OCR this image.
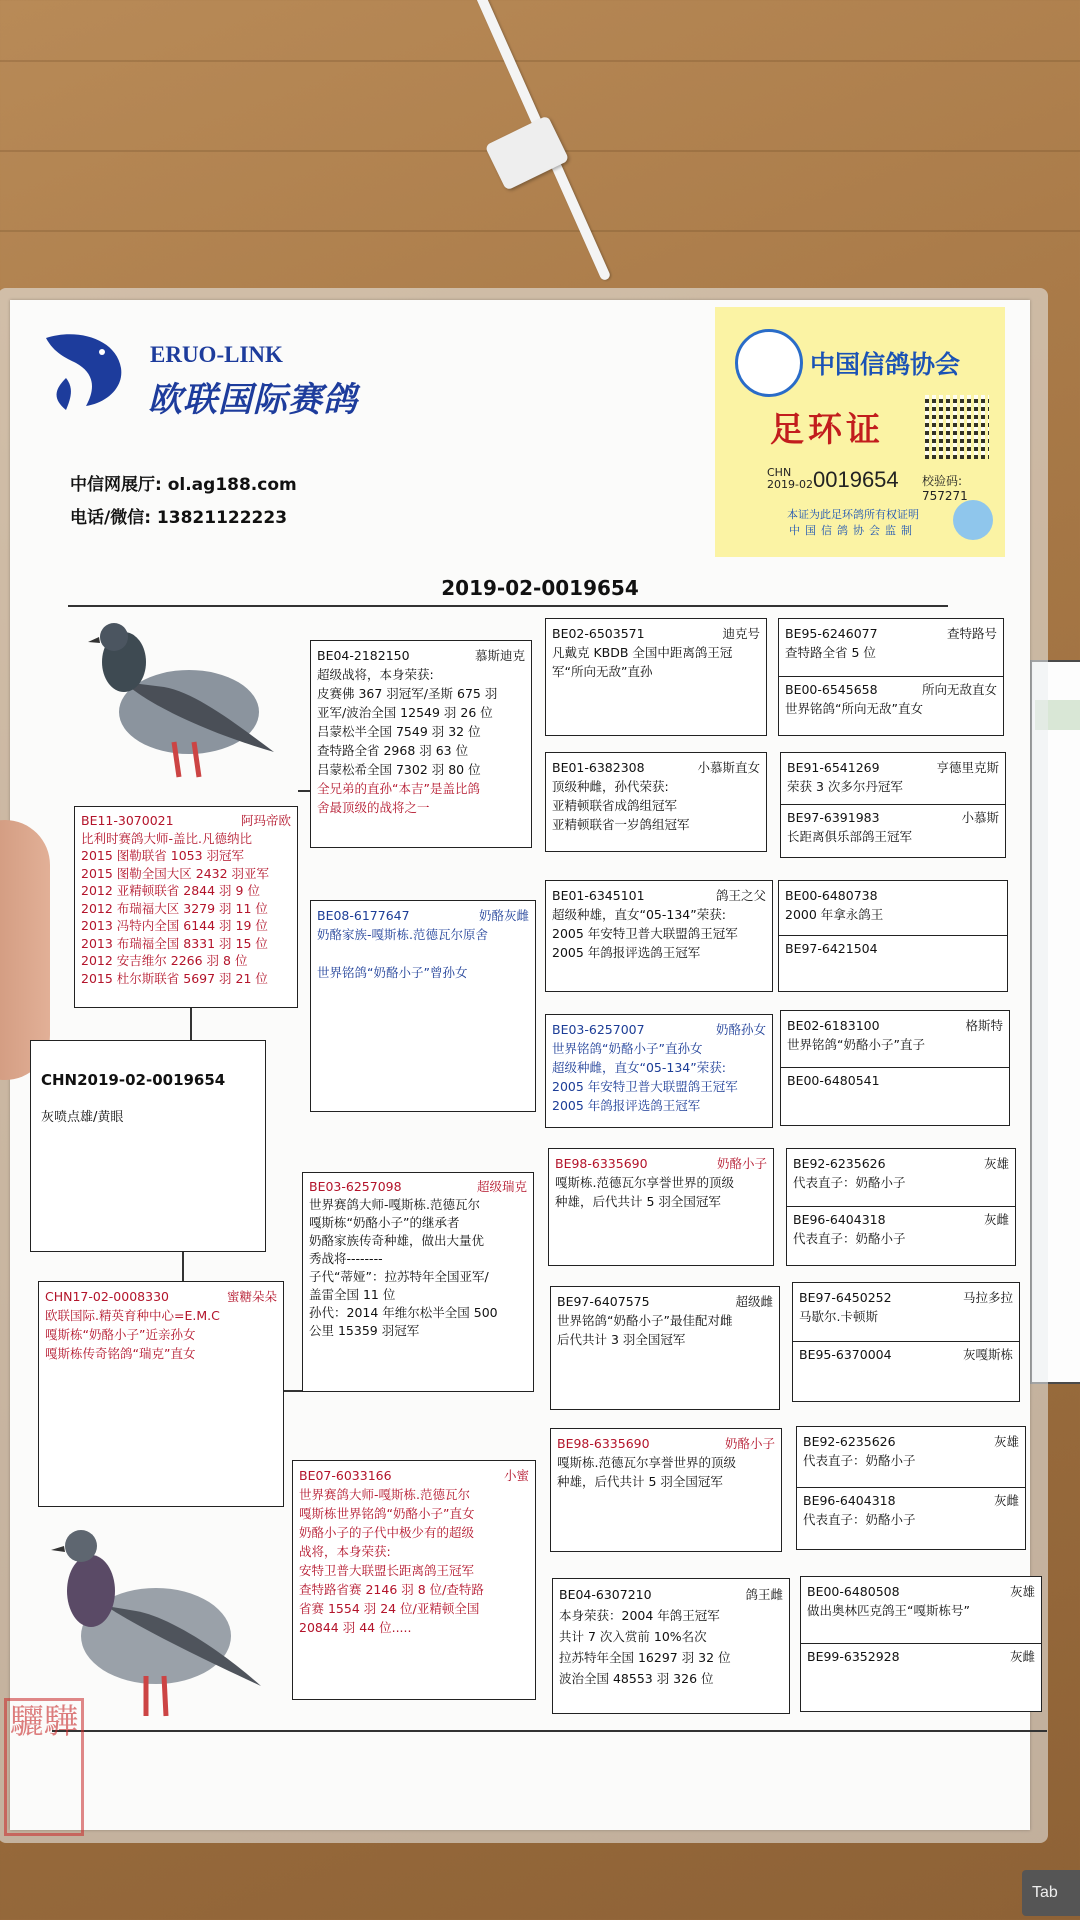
Tab
ERUO-LINK
欧联国际赛鸽
中信网展厅: ol.ag188.com
电话/微信: 13821122223
中国信鸽协会
足环证
CHN
2019-02 0019654 校验码: 757271
本证为此足环鸽所有权证明
中国信鸽协会监制
2019-02-0019654
驪驊
CHN2019-02-0019654
灰喷点雄/黄眼
BE11-3070021	阿玛帝欧
比利时赛鸽大师-盖比.凡德纳比
2015 图勒联省 1053 羽冠军
2015 图勒全国大区 2432 羽亚军
2012 亚精顿联省 2844 羽 9 位
2012 布瑞福大区 3279 羽 11 位
2013 冯特内全国 6144 羽 19 位
2013 布瑞福全国 8331 羽 15 位
2012 安吉维尔 2266 羽 8 位
2015 杜尔斯联省 5697 羽 21 位
CHN17-02-0008330	蜜糖朵朵
欧联国际.精英育种中心=E.M.C
嘎斯栋“奶酪小子”近亲孙女
嘎斯栋传奇铭鸽“瑞克”直女
BE04-2182150	慕斯迪克
超级战将，本身荣获:
皮赛佛 367 羽冠军/圣斯 675 羽
亚军/波治全国 12549 羽 26 位
吕蒙松半全国 7549 羽 32 位
查特路全省 2968 羽 63 位
吕蒙松希全国 7302 羽 80 位
全兄弟的直孙“本吉”是盖比鸽
舍最顶级的战将之一
BE08-6177647	奶酪灰雌
奶酪家族-嘎斯栋.范德瓦尔原舍

世界铭鸽“奶酪小子”曾孙女
BE03-6257098	超级瑞克
世界赛鸽大师-嘎斯栋.范德瓦尔
嘎斯栋“奶酪小子”的继承者
奶酪家族传奇种雄，做出大量优
秀战将--------
子代“蒂娅”：拉苏特年全国亚军/
盖雷全国 11 位
孙代：2014 年维尔松半全国 500
公里 15359 羽冠军
BE07-6033166	小蜜
世界赛鸽大师-嘎斯栋.范德瓦尔
嘎斯栋世界铭鸽“奶酪小子”直女
奶酪小子的子代中极少有的超级
战将，本身荣获:
安特卫普大联盟长距离鸽王冠军
查特路省赛 2146 羽 8 位/查特路
省赛 1554 羽 24 位/亚精顿全国
20844 羽 44 位.....
BE02-6503571	迪克号
凡戴克 KBDB 全国中距离鸽王冠
军“所向无敌”直孙
BE01-6382308	小慕斯直女
顶级种雌，孙代荣获:
亚精顿联省成鸽组冠军
亚精顿联省一岁鸽组冠军
BE01-6345101	鸽王之父
超级种雄，直女“05-134”荣获:
2005 年安特卫普大联盟鸽王冠军
2005 年鸽报评选鸽王冠军
BE03-6257007	奶酪孙女
世界铭鸽“奶酪小子”直孙女
超级种雌，直女“05-134”荣获:
2005 年安特卫普大联盟鸽王冠军
2005 年鸽报评选鸽王冠军
BE98-6335690	奶酪小子
嘎斯栋.范德瓦尔享誉世界的顶级
种雄，后代共计 5 羽全国冠军
BE97-6407575	超级雌
世界铭鸽“奶酪小子”最佳配对雌
后代共计 3 羽全国冠军
BE98-6335690	奶酪小子
嘎斯栋.范德瓦尔享誉世界的顶级
种雄，后代共计 5 羽全国冠军
BE04-6307210	鸽王雌
本身荣获：2004 年鸽王冠军
共计 7 次入赏前 10%名次
拉苏特年全国 16297 羽 32 位
波治全国 48553 羽 326 位
BE95-6246077	查特路号
查特路全省 5 位
BE00-6545658	所向无敌直女
世界铭鸽“所向无敌”直女
BE91-6541269	亨德里克斯
荣获 3 次多尔丹冠军
BE97-6391983	小慕斯
长距离俱乐部鸽王冠军
BE00-6480738
2000 年拿永鸽王
BE97-6421504
BE02-6183100	格斯特
世界铭鸽“奶酪小子”直子
BE00-6480541
BE92-6235626	灰雄
代表直子：奶酪小子
BE96-6404318	灰雌
代表直子：奶酪小子
BE97-6450252	马拉多拉
马歇尔.卡顿斯
BE95-6370004	灰嘎斯栋
BE92-6235626	灰雄
代表直子：奶酪小子
BE96-6404318	灰雌
代表直子：奶酪小子
BE00-6480508	灰雄
做出奥林匹克鸽王“嘎斯栋号”
BE99-6352928	灰雌
